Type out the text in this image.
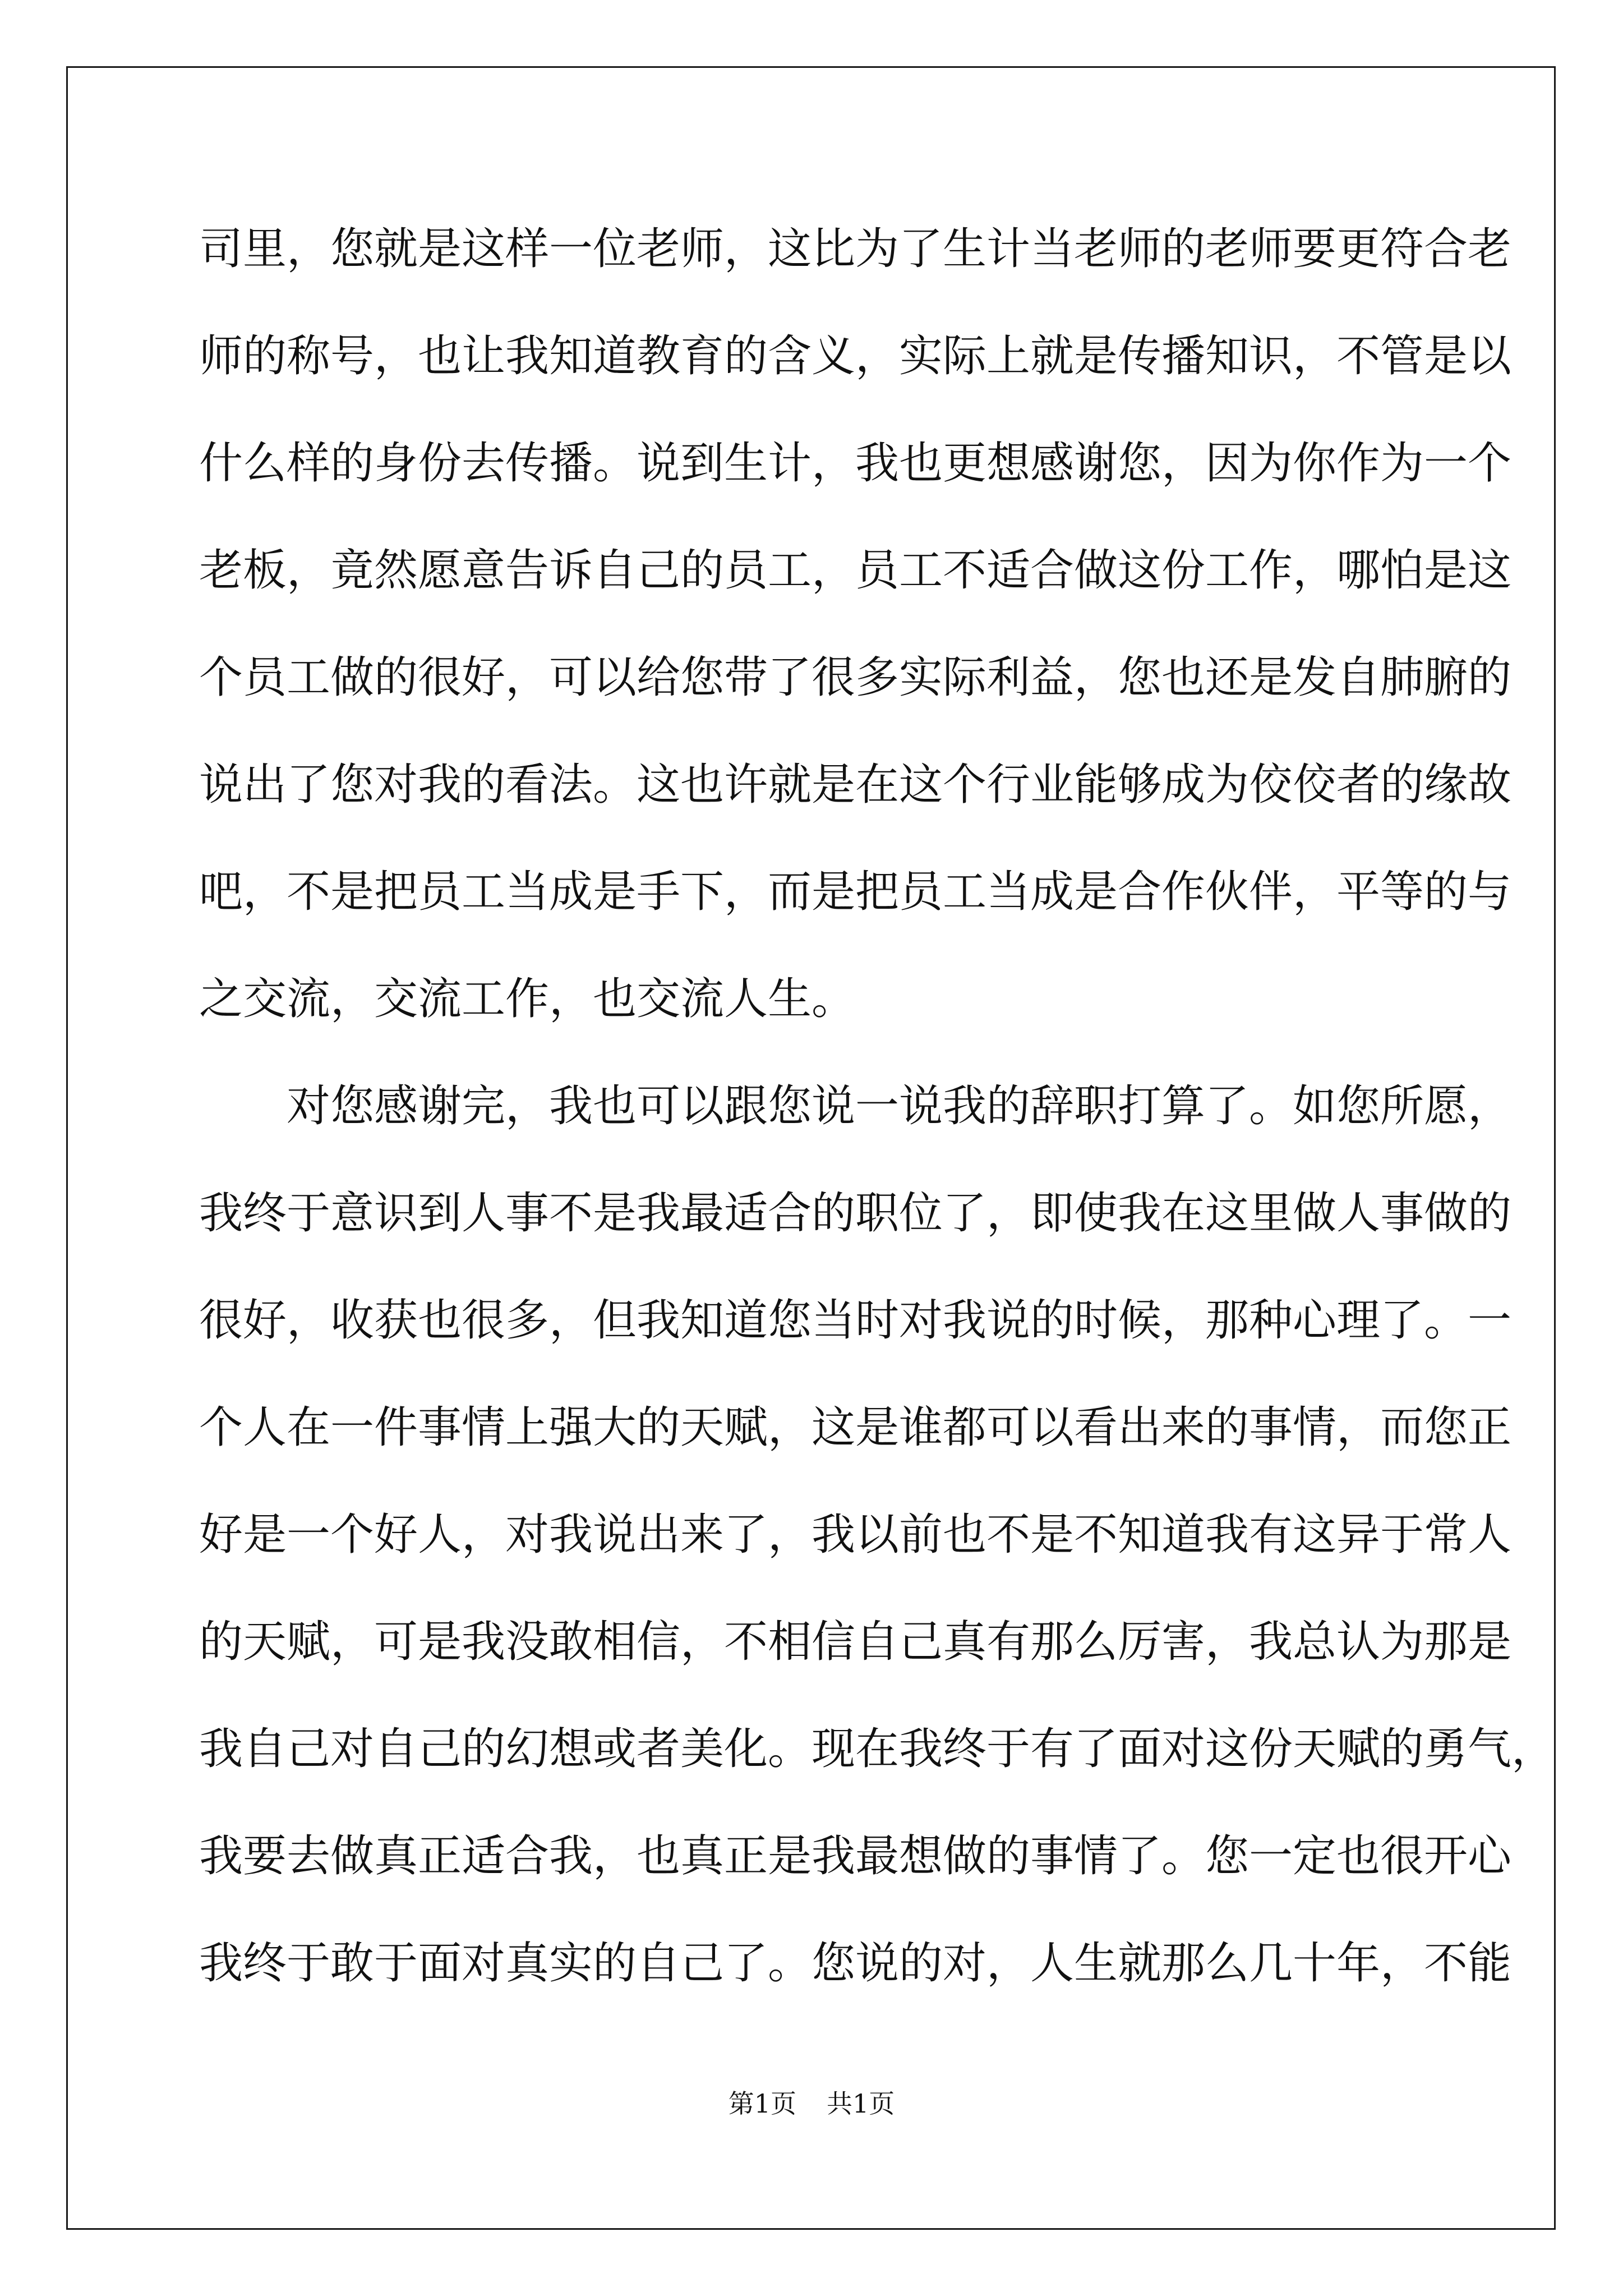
司里，您就是这样一位老师，这比为了生计当老师的老师要更符合老
师的称号，也让我知道教育的含义，实际上就是传播知识，不管是以
什么样的身份去传播。说到生计，我也更想感谢您，因为你作为一个
老板，竟然愿意告诉自己的员工，员工不适合做这份工作，哪怕是这
个员工做的很好，可以给您带了很多实际利益，您也还是发自肺腑的
说出了您对我的看法。这也许就是在这个行业能够成为佼佼者的缘故
吧，不是把员工当成是手下，而是把员工当成是合作伙伴，平等的与
之交流，交流工作，也交流人生。
对您感谢完，我也可以跟您说一说我的辞职打算了。如您所愿，
我终于意识到人事不是我最适合的职位了，即使我在这里做人事做的
很好，收获也很多，但我知道您当时对我说的时候，那种心理了。一
个人在一件事情上强大的天赋，这是谁都可以看出来的事情，而您正
好是一个好人，对我说出来了，我以前也不是不知道我有这异于常人
的天赋，可是我没敢相信，不相信自己真有那么厉害，我总认为那是
我自己对自己的幻想或者美化。现在我终于有了面对这份天赋的勇气，
我要去做真正适合我，也真正是我最想做的事情了。您一定也很开心
我终于敢于面对真实的自己了。您说的对，人生就那么几十年，不能
第1页 共1页
